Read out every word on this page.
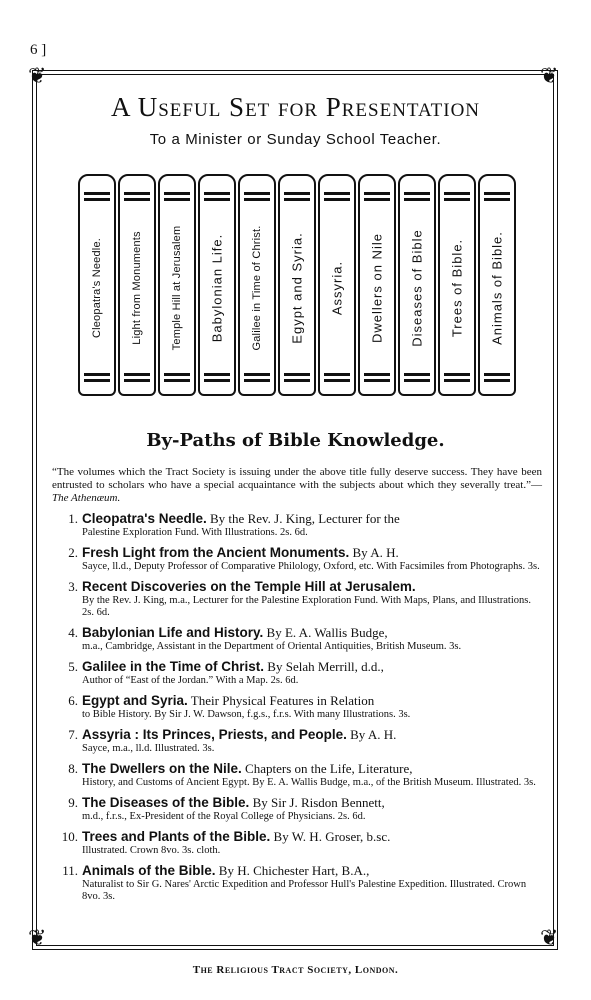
6 ]
❦	❦
❦	❦
A Useful Set for Presentation
To a Minister or Sunday School Teacher.
Cleopatra's Needle.	Light from Monuments	Temple Hill at Jerusalem Babylonian Life. Galilee in Time of Christ. Egypt and Syria. Assyria. Dwellers on Nile Diseases of Bible Trees of Bible. Animals of Bible.
By-Paths of Bible Knowledge.
“The volumes which the Tract Society is issuing under the above title fully deserve success. They have been entrusted to scholars who have a special acquaintance with the subjects about which they severally treat.”—The Athenæum.
1. Cleopatra's Needle. By the Rev. J. King, Lecturer for the
Palestine Exploration Fund. With Illustrations. 2s. 6d.
2. Fresh Light from the Ancient Monuments. By A. H.
Sayce, ll.d., Deputy Professor of Comparative Philology, Oxford, etc. With Facsimiles from Photographs. 3s.
3. Recent Discoveries on the Temple Hill at Jerusalem.
By the Rev. J. King, m.a., Lecturer for the Palestine Exploration Fund. With Maps, Plans, and Illustrations. 2s. 6d.
4. Babylonian Life and History. By E. A. Wallis Budge,
m.a., Cambridge, Assistant in the Department of Oriental Antiquities, British Museum. 3s.
5. Galilee in the Time of Christ. By Selah Merrill, d.d.,
Author of “East of the Jordan.” With a Map. 2s. 6d.
6. Egypt and Syria. Their Physical Features in Relation
to Bible History. By Sir J. W. Dawson, f.g.s., f.r.s. With many Illustrations. 3s.
7. Assyria : Its Princes, Priests, and People. By A. H.
Sayce, m.a., ll.d. Illustrated. 3s.
8. The Dwellers on the Nile. Chapters on the Life, Literature,
History, and Customs of Ancient Egypt. By E. A. Wallis Budge, m.a., of the British Museum. Illustrated. 3s.
9. The Diseases of the Bible. By Sir J. Risdon Bennett,
m.d., f.r.s., Ex-President of the Royal College of Physicians. 2s. 6d.
10. Trees and Plants of the Bible. By W. H. Groser, b.sc.
Illustrated. Crown 8vo. 3s. cloth.
11. Animals of the Bible. By H. Chichester Hart, B.A.,
Naturalist to Sir G. Nares' Arctic Expedition and Professor Hull's Palestine Expedition. Illustrated. Crown 8vo. 3s.
The Religious Tract Society, London.
